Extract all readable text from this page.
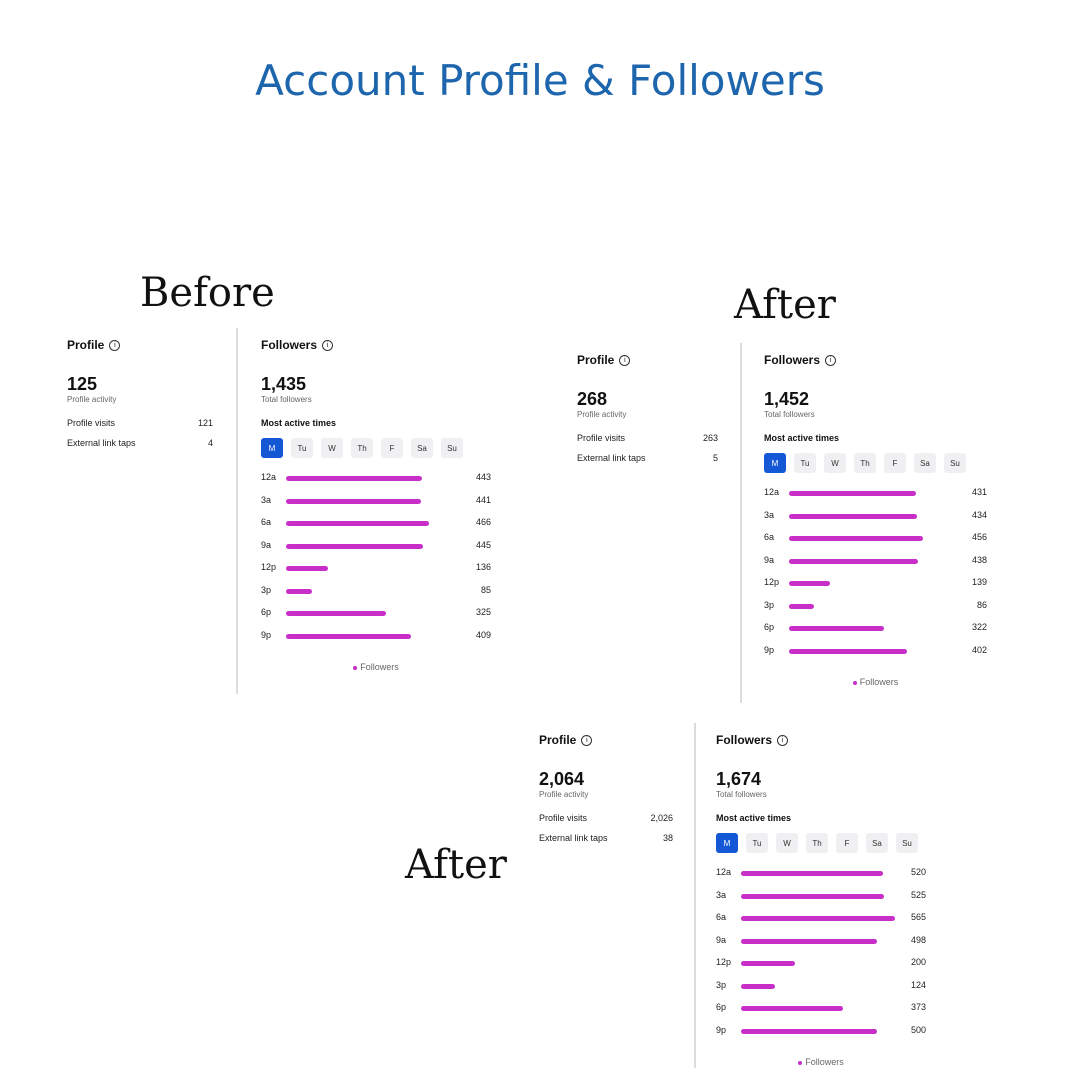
Account Profile & Followers
Before	After
After
Profile	i
125
Profile activity
Profile visits	121
External link taps	4
Followers	i
1,435
Total followers
Most active times
M	Tu	W	Th	F	Sa	Su
12a	443
3a	441
6a	466
9a	445
12p	136
3p	85
6p	325
9p	409
Followers
Profile	i
268
Profile activity
Profile visits	263
External link taps	5
Followers	i
1,452
Total followers
Most active times
M	Tu	W	Th	F	Sa	Su
12a	431
3a	434
6a	456
9a	438
12p	139
3p	86
6p	322
9p	402
Followers
Profile	i
2,064
Profile activity
Profile visits	2,026
External link taps	38
Followers	i
1,674
Total followers
Most active times
M	Tu	W	Th	F	Sa	Su
12a	520
3a	525
6a	565
9a	498
12p	200
3p	124
6p	373
9p	500
Followers
